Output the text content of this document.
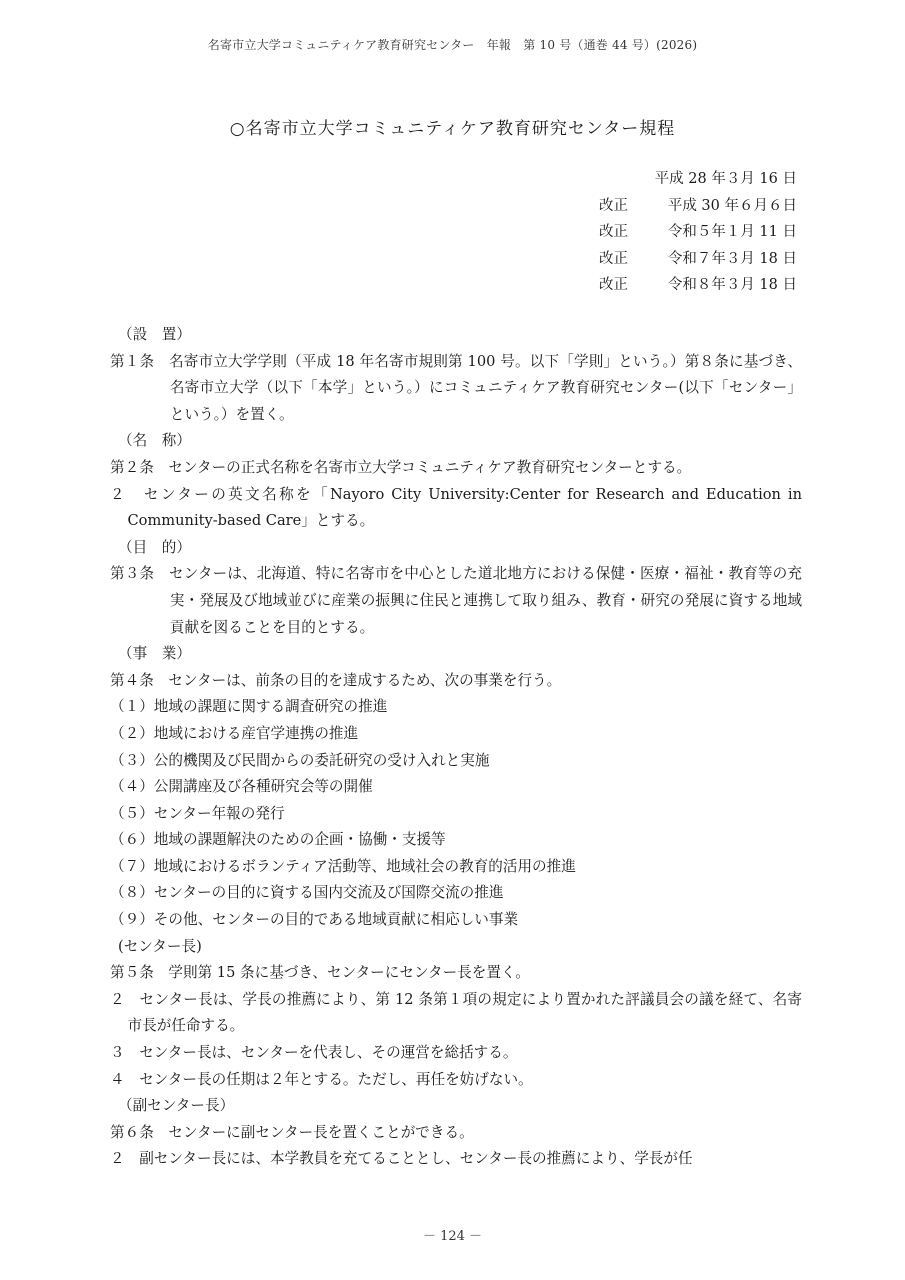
名寄市立大学コミュニティケア教育研究センター　年報　第 10 号（通巻 44 号）(2026)
○名寄市立大学コミュニティケア教育研究センター規程
平成 28 年３月 16 日
改正	平成 30 年６月６日
改正	令和５年１月 11 日
改正	令和７年３月 18 日
改正	令和８年３月 18 日

（設　置）

第１条　名寄市立大学学則（平成 18 年名寄市規則第 100 号。以下「学則」という。）第８条に基づき、名寄市立大学（以下「本学」という。）にコミュニティケア教育研究センター(以下「センター」という。）を置く。

（名　称）

第２条　センターの正式名称を名寄市立大学コミュニティケア教育研究センターとする。

２　センターの英文名称を「Nayoro City University:Center for Research and Education in Community-based Care」とする。

（目　的）

第３条　センターは、北海道、特に名寄市を中心とした道北地方における保健・医療・福祉・教育等の充実・発展及び地域並びに産業の振興に住民と連携して取り組み、教育・研究の発展に資する地域貢献を図ることを目的とする。

（事　業）

第４条　センターは、前条の目的を達成するため、次の事業を行う。

（１）地域の課題に関する調査研究の推進

（２）地域における産官学連携の推進

（３）公的機関及び民間からの委託研究の受け入れと実施

（４）公開講座及び各種研究会等の開催

（５）センター年報の発行

（６）地域の課題解決のための企画・協働・支援等

（７）地域におけるボランティア活動等、地域社会の教育的活用の推進

（８）センターの目的に資する国内交流及び国際交流の推進

（９）その他、センターの目的である地域貢献に相応しい事業

(センター長)

第５条　学則第 15 条に基づき、センターにセンター長を置く。

２　センター長は、学長の推薦により、第 12 条第１項の規定により置かれた評議員会の議を経て、名寄市長が任命する。

３　センター長は、センターを代表し、その運営を総括する。

４　センター長の任期は２年とする。ただし、再任を妨げない。

（副センター長）

第６条　センターに副センター長を置くことができる。

２　副センター長には、本学教員を充てることとし、センター長の推薦により、学長が任

－ 124 －
